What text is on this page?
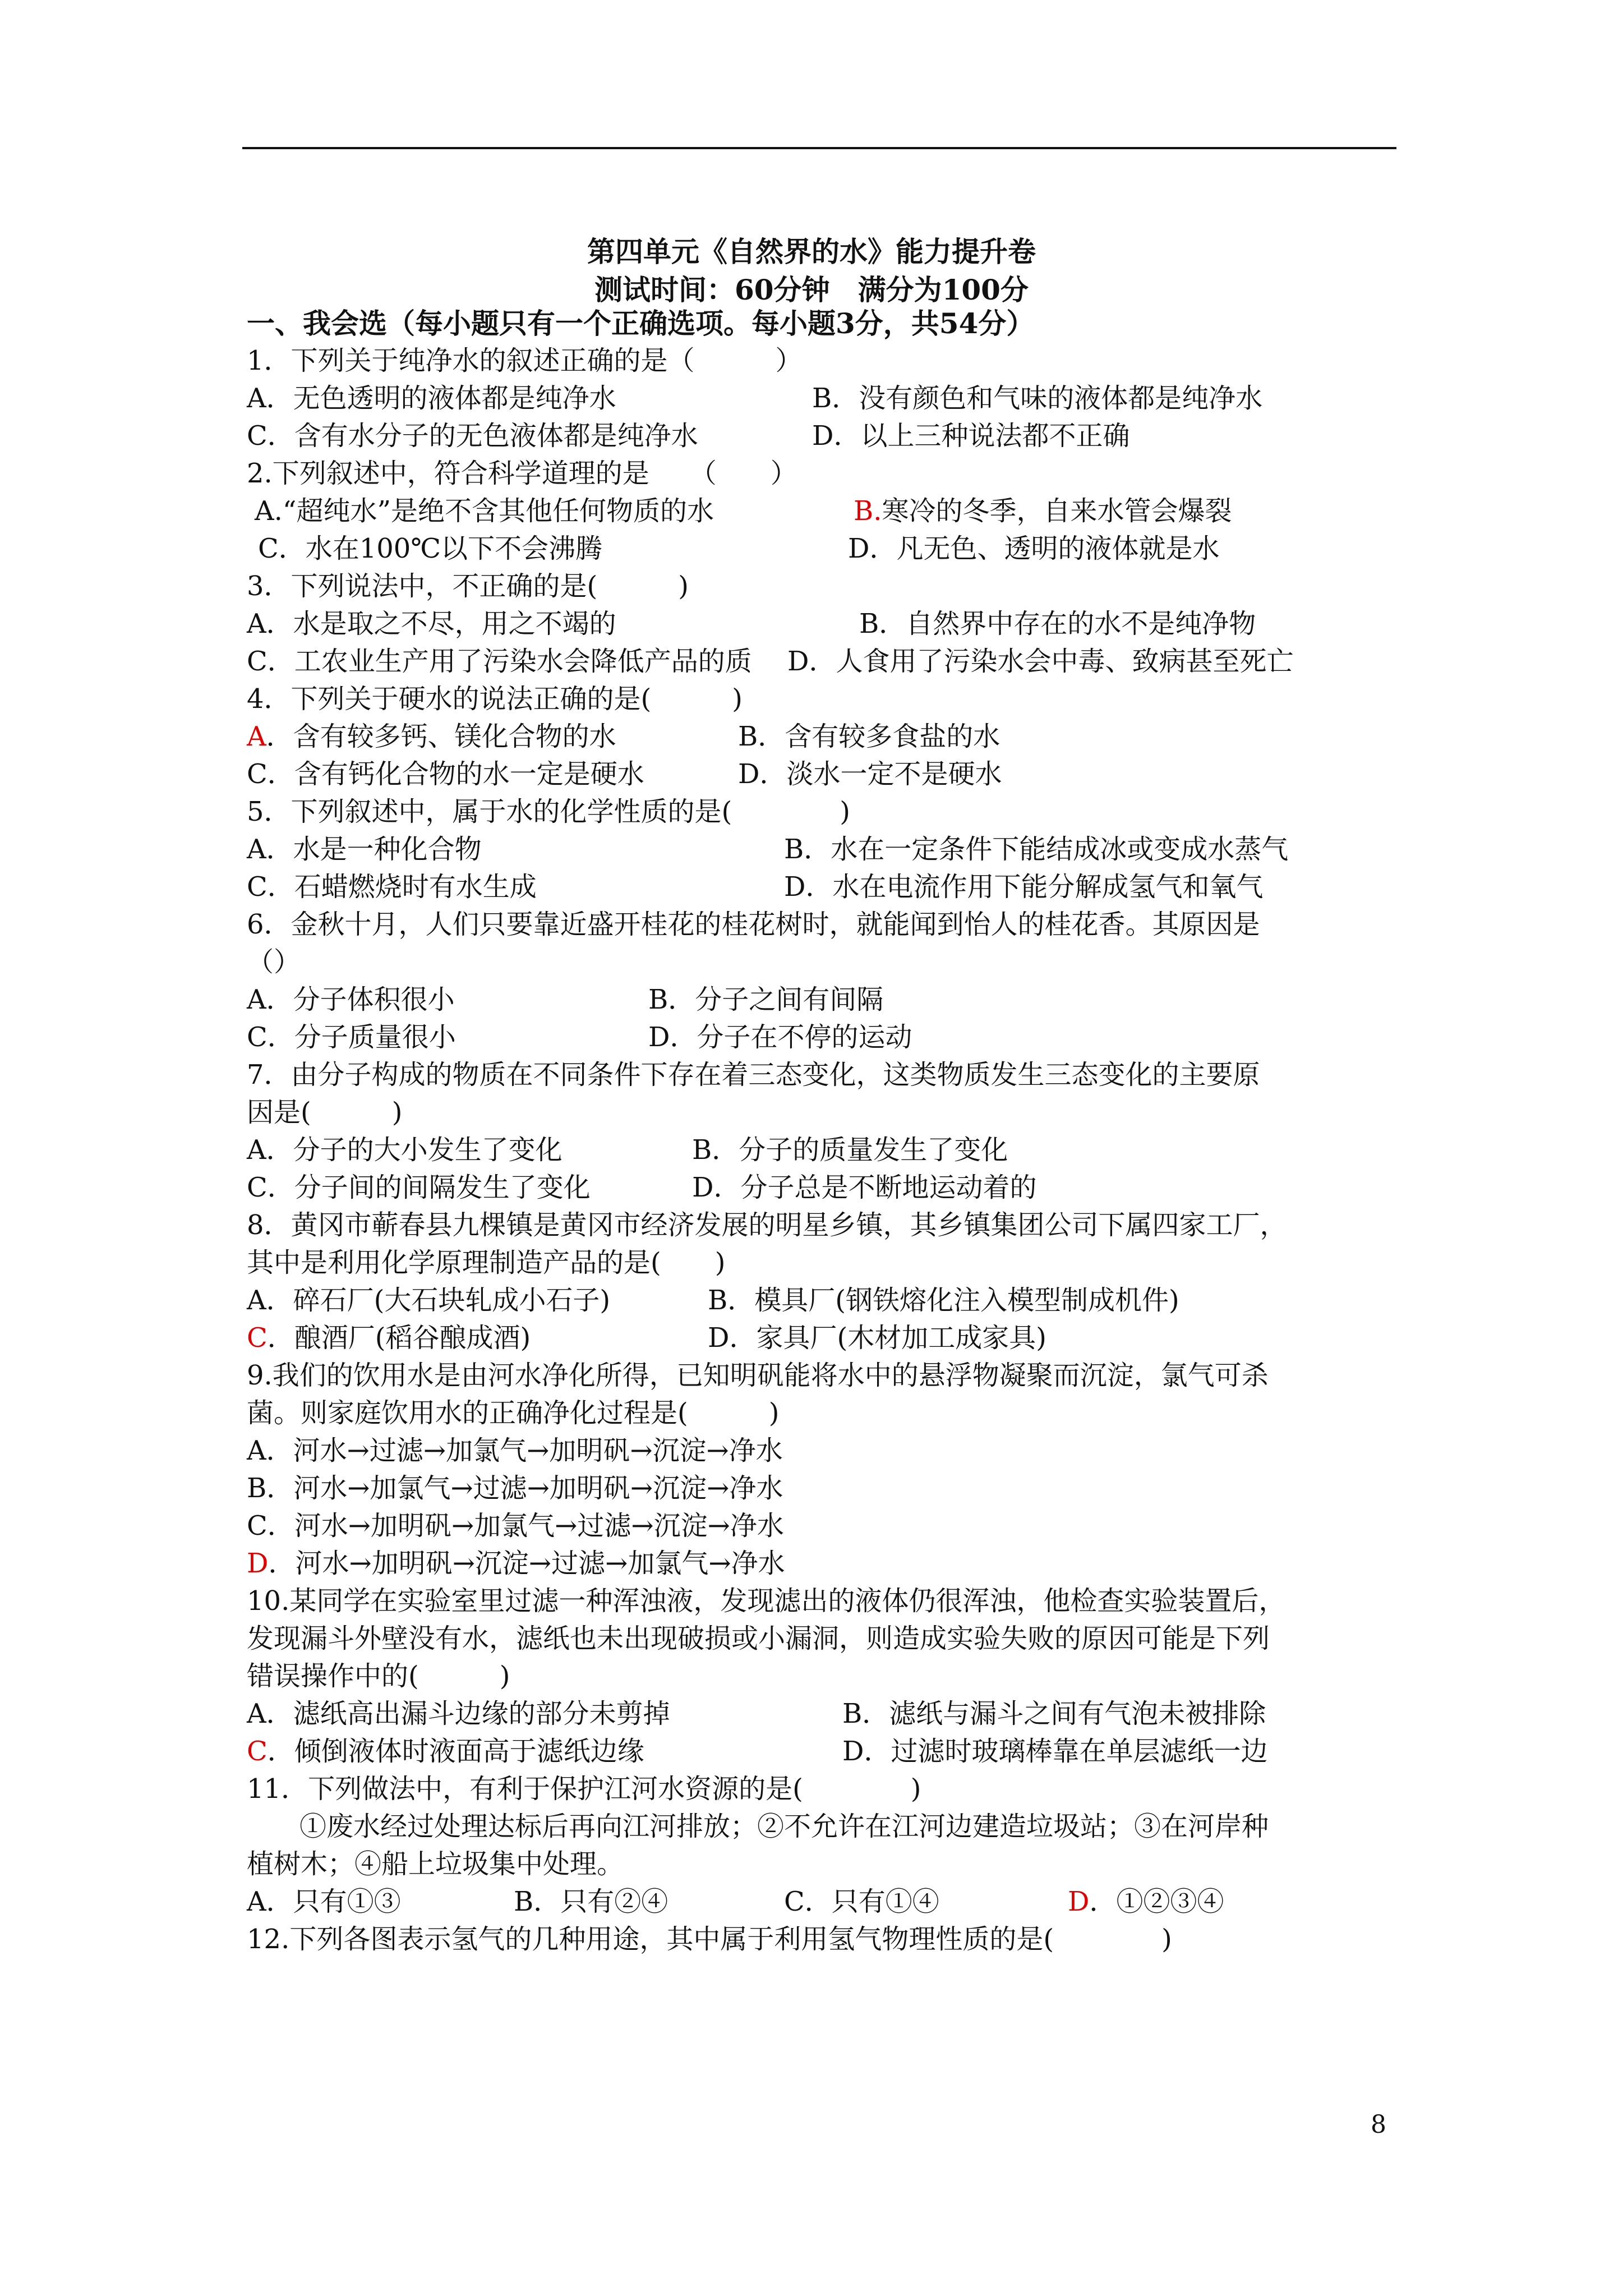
第四单元《自然界的水》能力提升卷
测试时间：60分钟　满分为100分
一、我会选（每小题只有一个正确选项。每小题3分，共54分）
1．下列关于纯净水的叙述正确的是（　　　）
A．无色透明的液体都是纯净水	B．没有颜色和气味的液体都是纯净水
C．含有水分子的无色液体都是纯净水	D．以上三种说法都不正确
2.下列叙述中，符合科学道理的是　　（　　）
A.“超纯水”是绝不含其他任何物质的水	B.寒冷的冬季，自来水管会爆裂
C．水在100℃以下不会沸腾	D．凡无色、透明的液体就是水
3．下列说法中，不正确的是(　　　)
A．水是取之不尽，用之不竭的	B．自然界中存在的水不是纯净物
C．工农业生产用了污染水会降低产品的质 D．人食用了污染水会中毒、致病甚至死亡
4．下列关于硬水的说法正确的是(　　　)
A．含有较多钙、镁化合物的水	B．含有较多食盐的水
C．含有钙化合物的水一定是硬水	D．淡水一定不是硬水
5．下列叙述中，属于水的化学性质的是(　　　　)
A．水是一种化合物	B．水在一定条件下能结成冰或变成水蒸气
C．石蜡燃烧时有水生成	D．水在电流作用下能分解成氢气和氧气
6．金秋十月，人们只要靠近盛开桂花的桂花树时，就能闻到怡人的桂花香。其原因是
（）
A．分子体积很小	B．分子之间有间隔
C．分子质量很小	D．分子在不停的运动
7．由分子构成的物质在不同条件下存在着三态变化，这类物质发生三态变化的主要原
因是(　　　)
A．分子的大小发生了变化	B．分子的质量发生了变化
C．分子间的间隔发生了变化	D．分子总是不断地运动着的
8．黄冈市蕲春县九棵镇是黄冈市经济发展的明星乡镇，其乡镇集团公司下属四家工厂，
其中是利用化学原理制造产品的是(　　)
A．碎石厂(大石块轧成小石子)	B．模具厂(钢铁熔化注入模型制成机件)
C．酿酒厂(稻谷酿成酒)	D．家具厂(木材加工成家具)
9.我们的饮用水是由河水净化所得，已知明矾能将水中的悬浮物凝聚而沉淀，氯气可杀
菌。则家庭饮用水的正确净化过程是(　　　)
A．河水→过滤→加氯气→加明矾→沉淀→净水
B．河水→加氯气→过滤→加明矾→沉淀→净水
C．河水→加明矾→加氯气→过滤→沉淀→净水
D．河水→加明矾→沉淀→过滤→加氯气→净水
10.某同学在实验室里过滤一种浑浊液，发现滤出的液体仍很浑浊，他检查实验装置后，
发现漏斗外壁没有水，滤纸也未出现破损或小漏洞，则造成实验失败的原因可能是下列
错误操作中的(　　　)
A．滤纸高出漏斗边缘的部分未剪掉	B．滤纸与漏斗之间有气泡未被排除
C．倾倒液体时液面高于滤纸边缘	D．过滤时玻璃棒靠在单层滤纸一边
11．下列做法中，有利于保护江河水资源的是(　　　　)
　①废水经过处理达标后再向江河排放；②不允许在江河边建造垃圾站；③在河岸种
植树木；④船上垃圾集中处理。
A．只有①③	B．只有②④	C．只有①④	D．①②③④
12.下列各图表示氢气的几种用途，其中属于利用氢气物理性质的是(　　　　)
8
